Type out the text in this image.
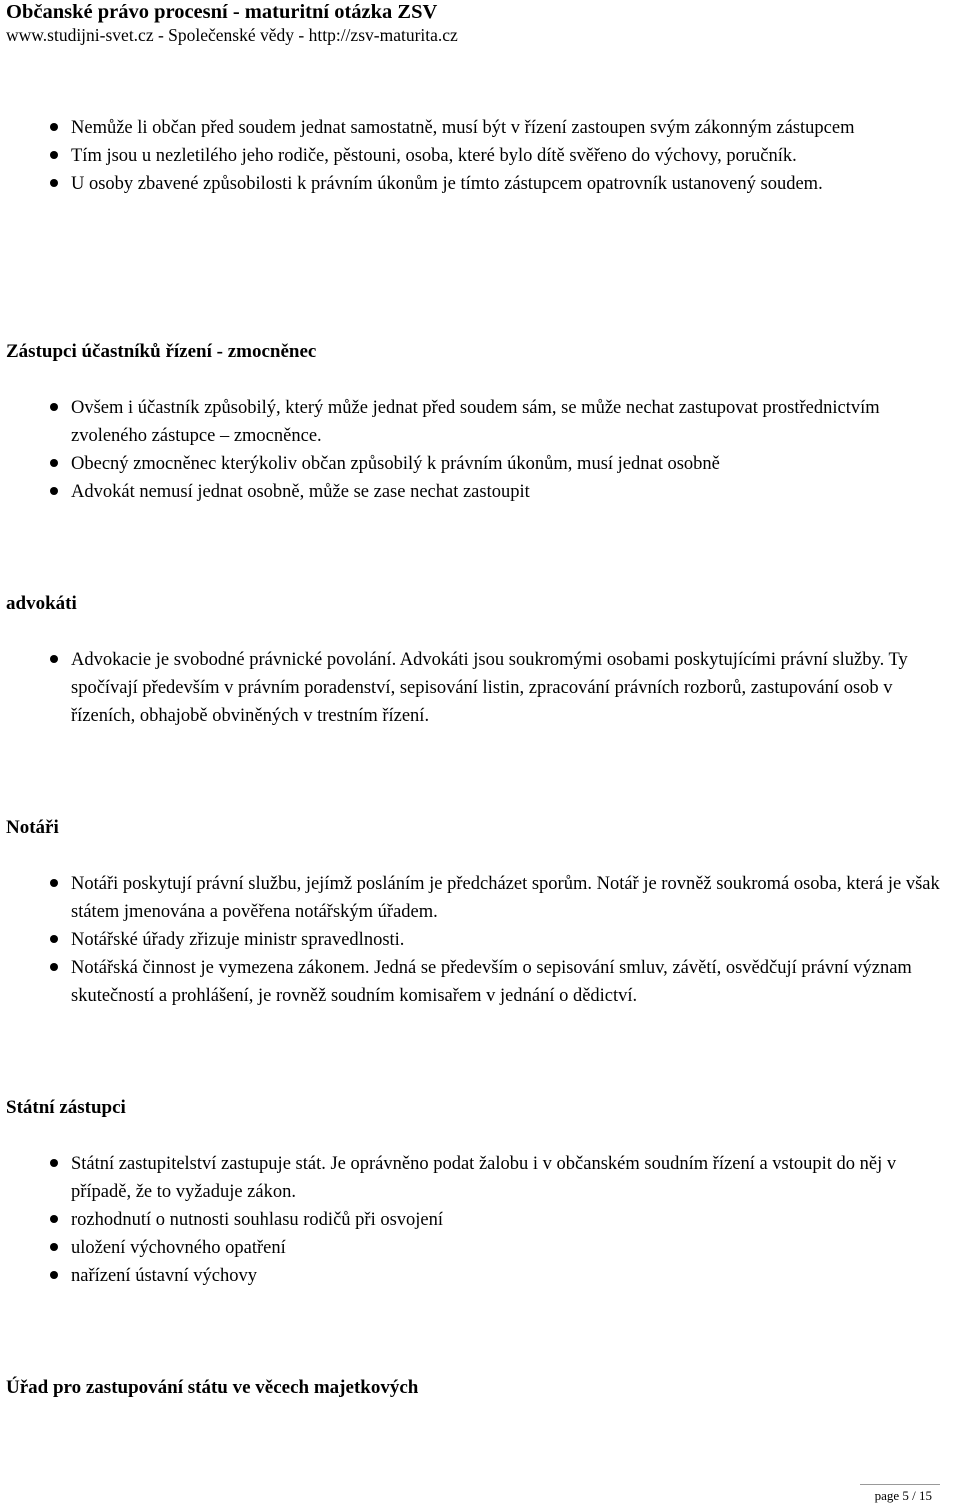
Občanské právo procesní - maturitní otázka ZSV

www.studijni-svet.cz - Společenské vědy - http://zsv-maturita.cz

Nemůže li občan před soudem jednat samostatně, musí být v řízení zastoupen svým zákonným zástupcem
Tím jsou u nezletilého jeho rodiče, pěstouni, osoba, které bylo dítě svěřeno do výchovy, poručník.
U osoby zbavené způsobilosti k právním úkonům je tímto zástupcem opatrovník ustanovený soudem.
Zástupci účastníků řízení - zmocněnec
Ovšem i účastník způsobilý, který může jednat před soudem sám, se může nechat zastupovat prostřednictvím zvoleného zástupce – zmocněnce.
Obecný zmocněnec kterýkoliv občan způsobilý k právním úkonům, musí jednat osobně
Advokát nemusí jednat osobně, může se zase nechat zastoupit
advokáti
Advokacie je svobodné právnické povolání. Advokáti jsou soukromými osobami poskytujícími právní služby. Ty spočívají především v právním poradenství, sepisování listin, zpracování právních rozborů, zastupování osob v řízeních, obhajobě obviněných v trestním řízení.
Notáři
Notáři poskytují právní službu, jejímž posláním je předcházet sporům. Notář je rovněž soukromá osoba, která je však státem jmenována a pověřena notářským úřadem.
Notářské úřady zřizuje ministr spravedlnosti.
Notářská činnost je vymezena zákonem. Jedná se především o sepisování smluv, závětí, osvědčují právní význam skutečností a prohlášení, je rovněž soudním komisařem v jednání o dědictví.
Státní zástupci
Státní zastupitelství zastupuje stát. Je oprávněno podat žalobu i v občanském soudním řízení a vstoupit do něj v případě, že to vyžaduje zákon.
rozhodnutí o nutnosti souhlasu rodičů při osvojení
uložení výchovného opatření
nařízení ústavní výchovy
Úřad pro zastupování státu ve věcech majetkových
page 5 / 15
